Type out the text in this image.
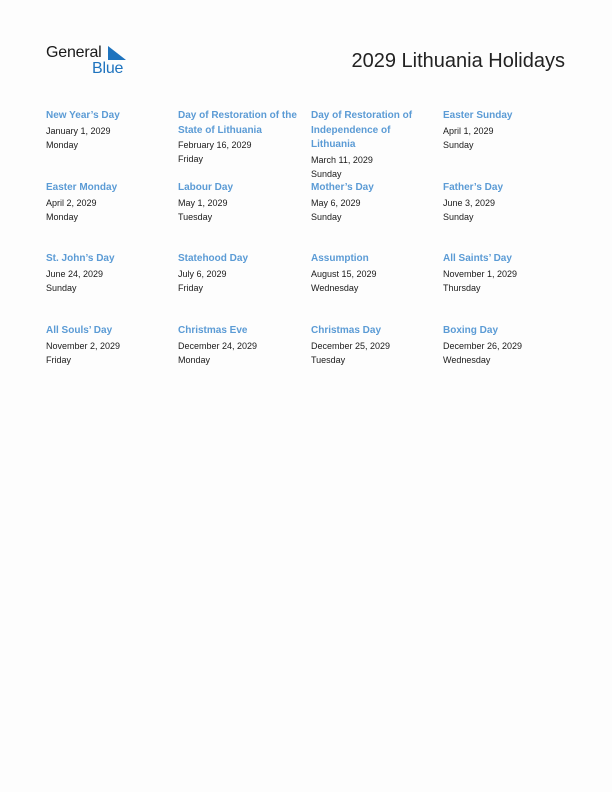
General
Blue	2029 Lithuania Holidays
New Year’s Day
January 1, 2029
Monday
Day of Restoration of the State of Lithuania
February 16, 2029
Friday
Day of Restoration of Independence of Lithuania
March 11, 2029
Sunday
Easter Sunday
April 1, 2029
Sunday
Easter Monday
April 2, 2029
Monday
Labour Day
May 1, 2029
Tuesday
Mother’s Day
May 6, 2029
Sunday
Father’s Day
June 3, 2029
Sunday
St. John’s Day
June 24, 2029
Sunday
Statehood Day
July 6, 2029
Friday
Assumption
August 15, 2029
Wednesday
All Saints’ Day
November 1, 2029
Thursday
All Souls’ Day
November 2, 2029
Friday
Christmas Eve
December 24, 2029
Monday
Christmas Day
December 25, 2029
Tuesday
Boxing Day
December 26, 2029
Wednesday
